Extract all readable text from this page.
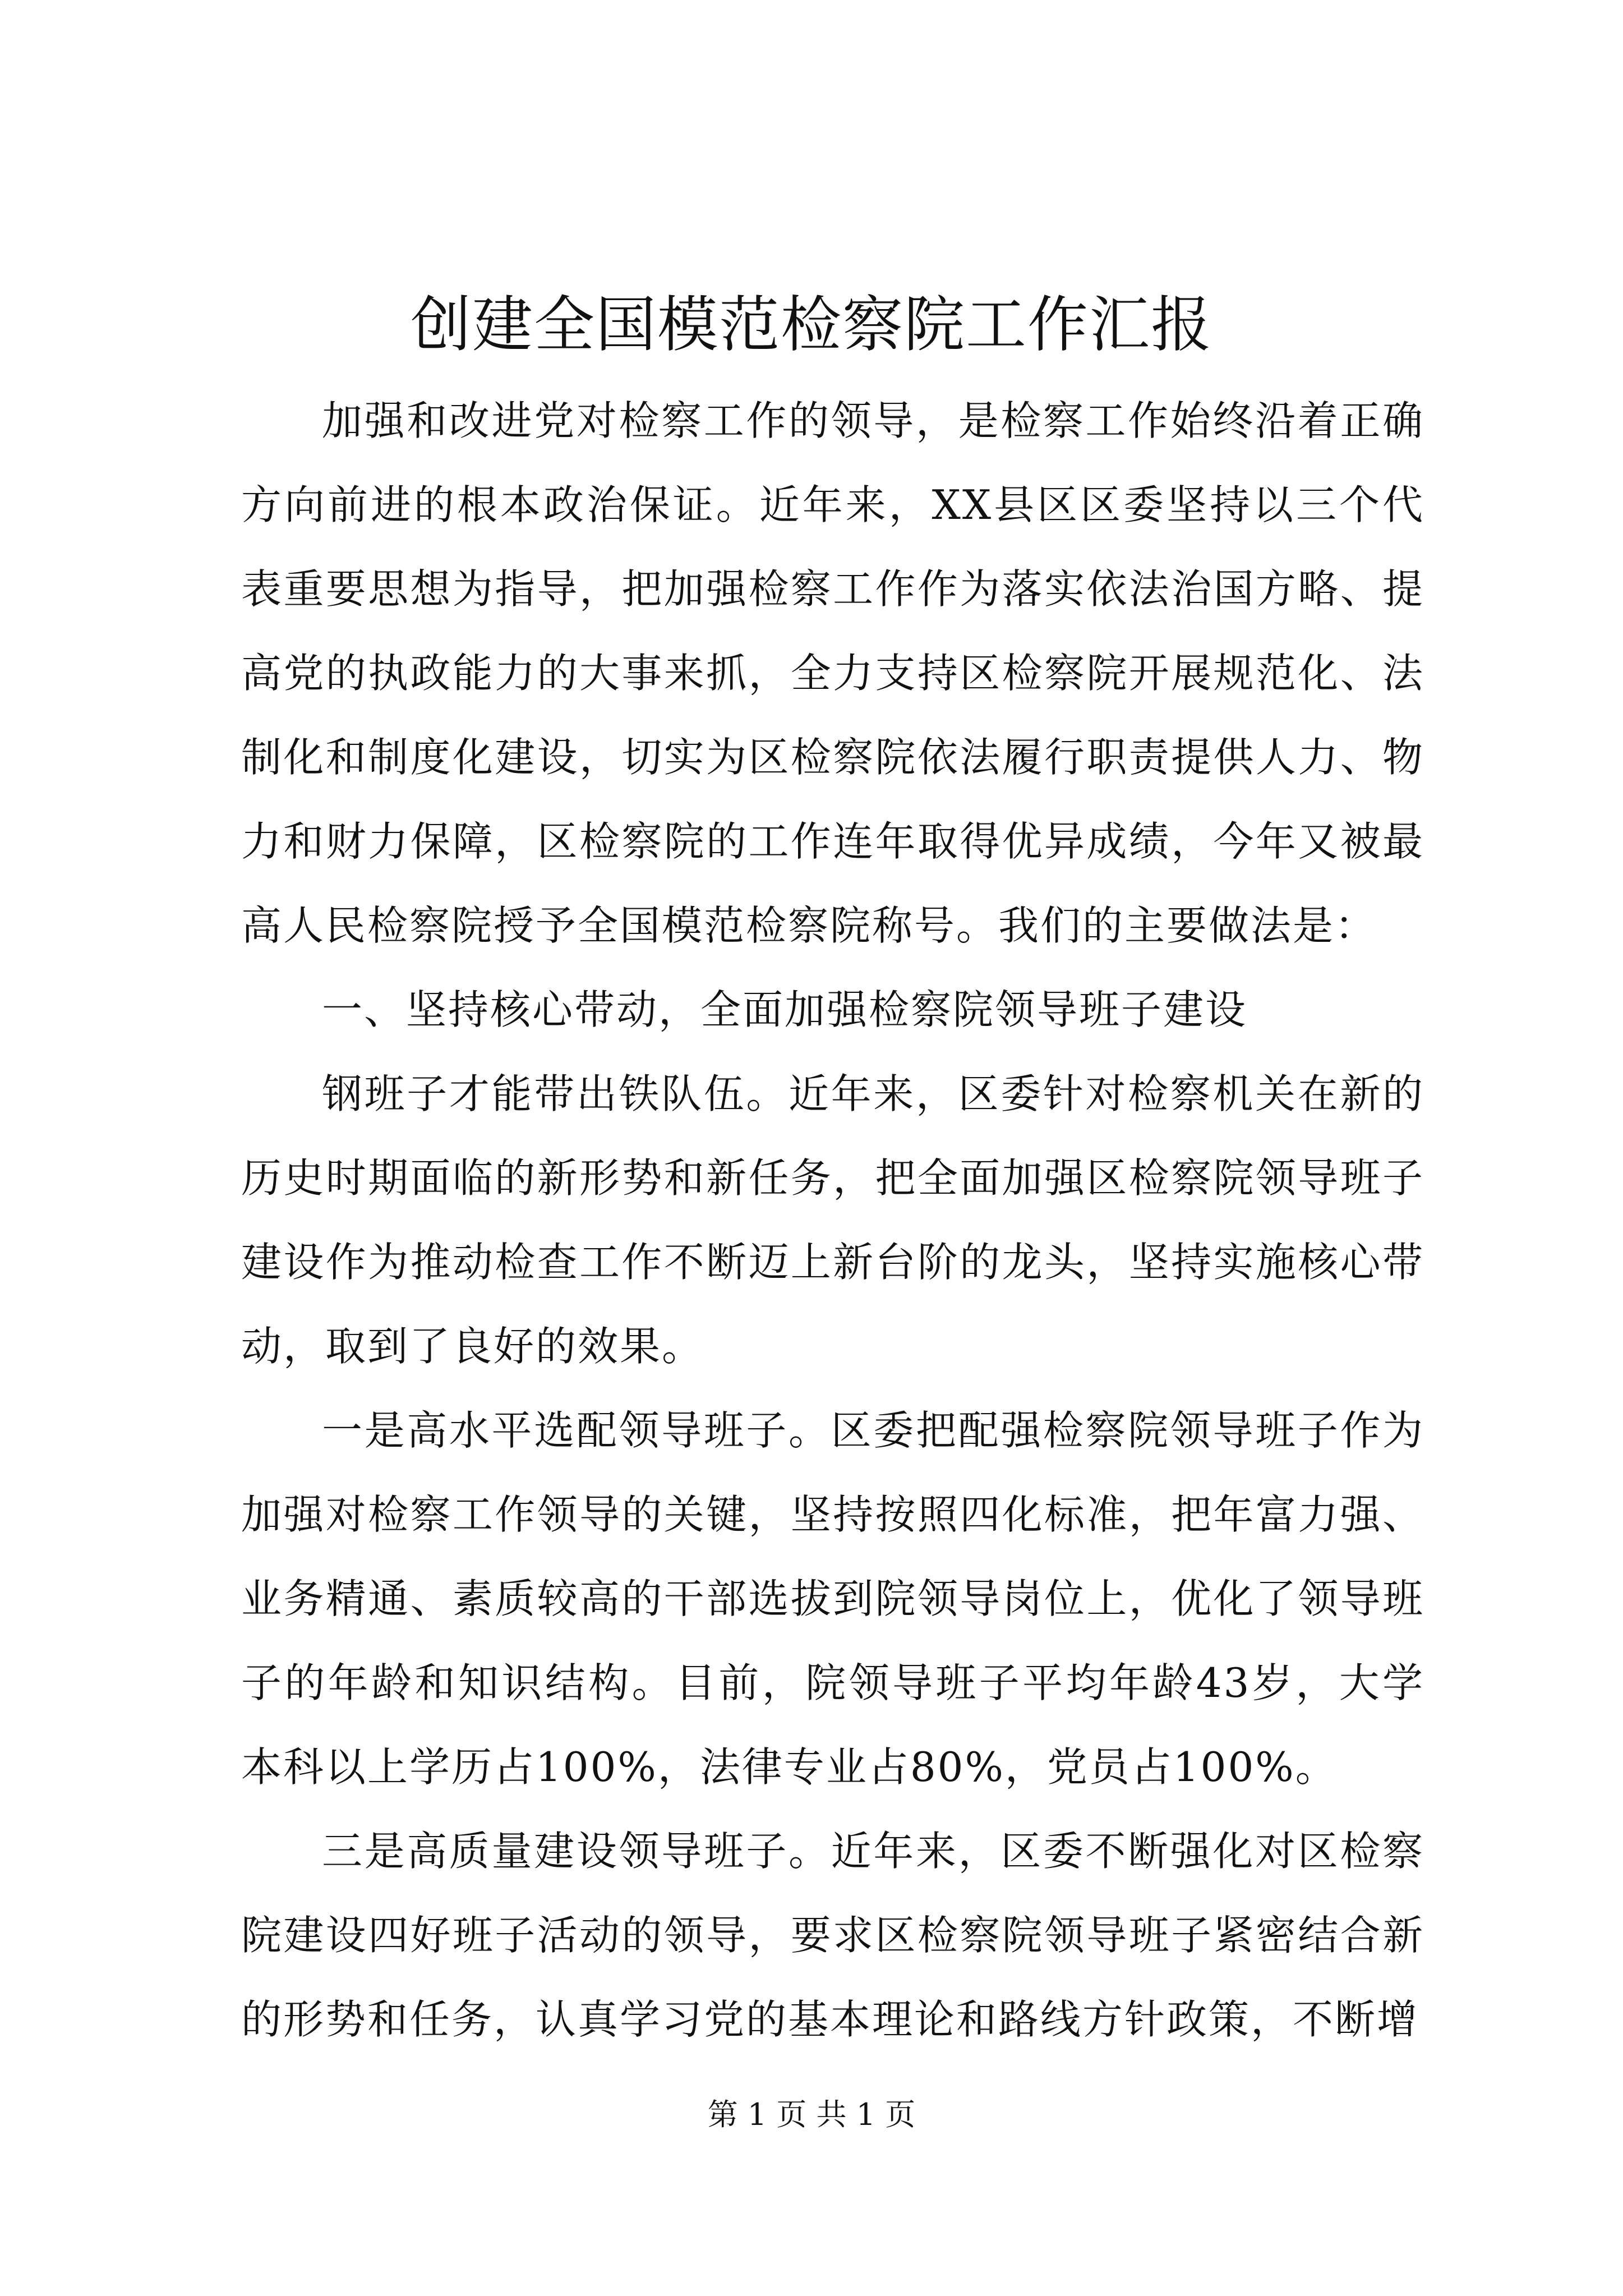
创建全国模范检察院工作汇报

加强和改进党对检察工作的领导，是检察工作始终沿着正确方向前进的根本政治保证。近年来，XX县区区委坚持以三个代表重要思想为指导，把加强检察工作作为落实依法治国方略、提高党的执政能力的大事来抓，全力支持区检察院开展规范化、法制化和制度化建设，切实为区检察院依法履行职责提供人力、物力和财力保障，区检察院的工作连年取得优异成绩，今年又被最高人民检察院授予全国模范检察院称号。我们的主要做法是：

一、坚持核心带动，全面加强检察院领导班子建设

钢班子才能带出铁队伍。近年来，区委针对检察机关在新的历史时期面临的新形势和新任务，把全面加强区检察院领导班子建设作为推动检查工作不断迈上新台阶的龙头，坚持实施核心带动，取到了良好的效果。

一是高水平选配领导班子。区委把配强检察院领导班子作为加强对检察工作领导的关键，坚持按照四化标准，把年富力强、业务精通、素质较高的干部选拔到院领导岗位上，优化了领导班子的年龄和知识结构。目前，院领导班子平均年龄43岁，大学本科以上学历占100%，法律专业占80%，党员占100%。

三是高质量建设领导班子。近年来，区委不断强化对区检察院建设四好班子活动的领导，要求区检察院领导班子紧密结合新的形势和任务，认真学习党的基本理论和路线方针政策，不断增

第 1 页 共 1 页
